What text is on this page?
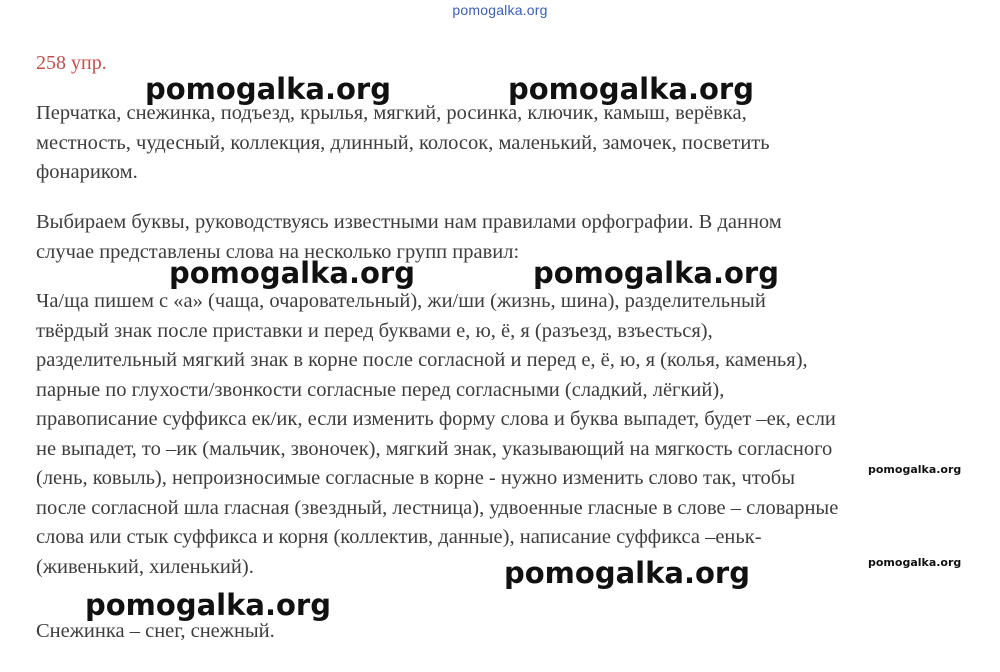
pomogalka.org
258 упр.
Перчатка, снежинка, подъезд, крылья, мягкий, росинка, ключик, камыш, верёвка,
местность, чудесный, коллекция, длинный, колосок, маленький, замочек, посветить
фонариком.
Выбираем буквы, руководствуясь известными нам правилами орфографии. В данном
случае представлены слова на несколько групп правил:
Ча/ща пишем с «а» (чаща, очаровательный), жи/ши (жизнь, шина), разделительный
твёрдый знак после приставки и перед буквами е, ю, ё, я (разъезд, взъесться),
разделительный мягкий знак в корне после согласной и перед е, ё, ю, я (колья, каменья),
парные по глухости/звонкости согласные перед согласными (сладкий, лёгкий),
правописание суффикса ек/ик, если изменить форму слова и буква выпадет, будет –ек, если
не выпадет, то –ик (мальчик, звоночек), мягкий знак, указывающий на мягкость согласного
(лень, ковыль), непроизносимые согласные в корне - нужно изменить слово так, чтобы
после согласной шла гласная (звездный, лестница), удвоенные гласные в слове – словарные
слова или стык суффикса и корня (коллектив, данные), написание суффикса –еньк-
(живенький, хиленький).
Снежинка – снег, снежный.
pomogalka.org	pomogalka.org
pomogalka.org	pomogalka.org
pomogalka.org
pomogalka.org
pomogalka.org
pomogalka.org
